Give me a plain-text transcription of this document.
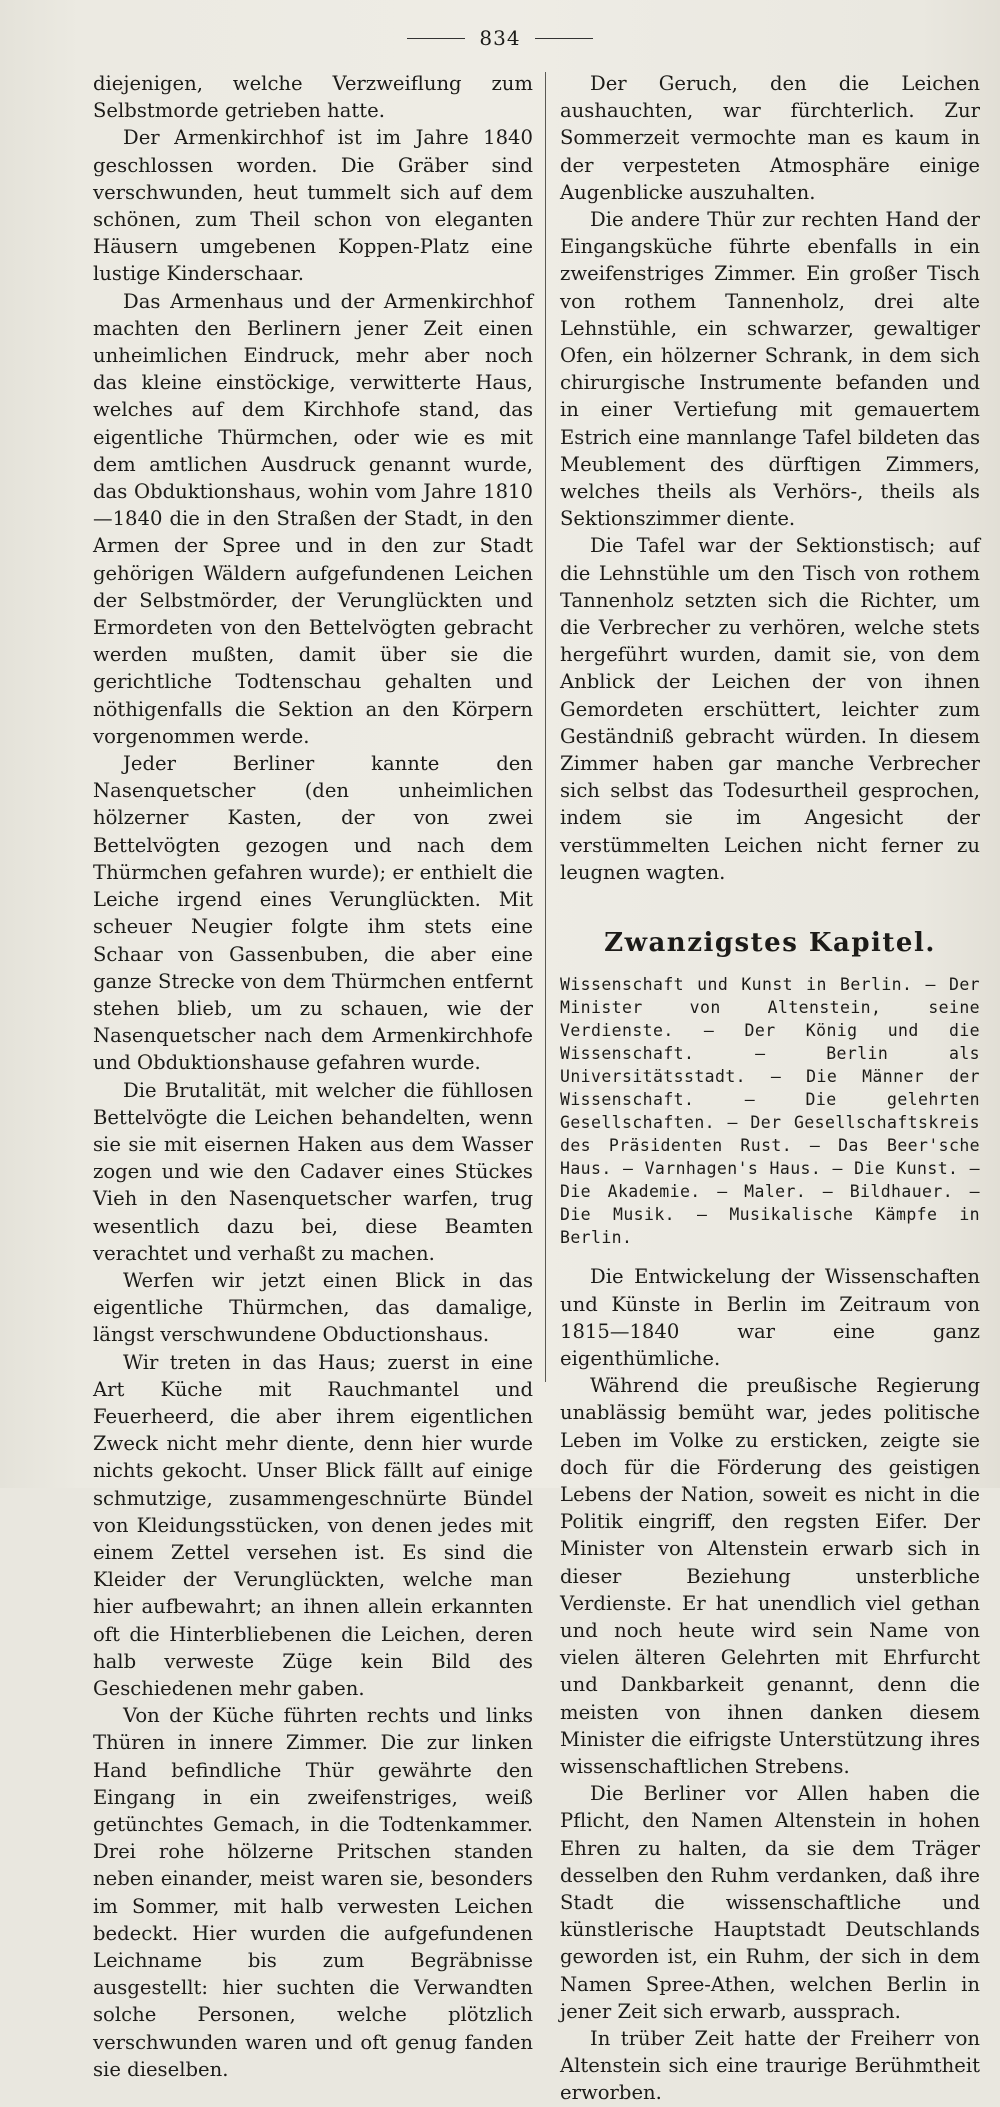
834

diejenigen, welche Verzweiflung zum Selbstmorde getrieben hatte.

Der Armenkirchhof ist im Jahre 1840 geschlossen worden. Die Gräber sind verschwunden, heut tummelt sich auf dem schönen, zum Theil schon von eleganten Häusern umgebenen Koppen-Platz eine lustige Kinderschaar.

Das Armenhaus und der Armenkirchhof machten den Berlinern jener Zeit einen unheimlichen Eindruck, mehr aber noch das kleine einstöckige, verwitterte Haus, welches auf dem Kirchhofe stand, das eigentliche Thürmchen, oder wie es mit dem amtlichen Ausdruck genannt wurde, das Obduktionshaus, wohin vom Jahre 1810—1840 die in den Straßen der Stadt, in den Armen der Spree und in den zur Stadt gehörigen Wäldern aufgefundenen Leichen der Selbstmörder, der Verunglückten und Ermordeten von den Bettelvögten gebracht werden mußten, damit über sie die gerichtliche Todtenschau gehalten und nöthigenfalls die Sektion an den Körpern vorgenommen werde.

Jeder Berliner kannte den Nasenquetscher (den unheimlichen hölzerner Kasten, der von zwei Bettelvögten gezogen und nach dem Thürmchen gefahren wurde); er enthielt die Leiche irgend eines Verunglückten. Mit scheuer Neugier folgte ihm stets eine Schaar von Gassenbuben, die aber eine ganze Strecke von dem Thürmchen entfernt stehen blieb, um zu schauen, wie der Nasenquetscher nach dem Armenkirchhofe und Obduktionshause gefahren wurde.

Die Brutalität, mit welcher die fühllosen Bettelvögte die Leichen behandelten, wenn sie sie mit eisernen Haken aus dem Wasser zogen und wie den Cadaver eines Stückes Vieh in den Nasenquetscher warfen, trug wesentlich dazu bei, diese Beamten verachtet und verhaßt zu machen.

Werfen wir jetzt einen Blick in das eigentliche Thürmchen, das damalige, längst verschwundene Obductionshaus.

Wir treten in das Haus; zuerst in eine Art Küche mit Rauchmantel und Feuerheerd, die aber ihrem eigentlichen Zweck nicht mehr diente, denn hier wurde nichts gekocht. Unser Blick fällt auf einige schmutzige, zusammengeschnürte Bündel von Kleidungsstücken, von denen jedes mit einem Zettel versehen ist. Es sind die Kleider der Verunglückten, welche man hier aufbewahrt; an ihnen allein erkannten oft die Hinterbliebenen die Leichen, deren halb verweste Züge kein Bild des Geschiedenen mehr gaben.

Von der Küche führten rechts und links Thüren in innere Zimmer. Die zur linken Hand befindliche Thür gewährte den Eingang in ein zweifenstriges, weiß getünchtes Gemach, in die Todtenkammer. Drei rohe hölzerne Pritschen standen neben einander, meist waren sie, besonders im Sommer, mit halb verwesten Leichen bedeckt. Hier wurden die aufgefundenen Leichname bis zum Begräbnisse ausgestellt: hier suchten die Verwandten solche Personen, welche plötzlich verschwunden waren und oft genug fanden sie dieselben.

Der Geruch, den die Leichen aushauchten, war fürchterlich. Zur Sommerzeit vermochte man es kaum in der verpesteten Atmosphäre einige Augenblicke auszuhalten.

Die andere Thür zur rechten Hand der Eingangsküche führte ebenfalls in ein zweifenstriges Zimmer. Ein großer Tisch von rothem Tannenholz, drei alte Lehnstühle, ein schwarzer, gewaltiger Ofen, ein hölzerner Schrank, in dem sich chirurgische Instrumente befanden und in einer Vertiefung mit gemauertem Estrich eine mannlange Tafel bildeten das Meublement des dürftigen Zimmers, welches theils als Verhörs-, theils als Sektionszimmer diente.

Die Tafel war der Sektionstisch; auf die Lehnstühle um den Tisch von rothem Tannenholz setzten sich die Richter, um die Verbrecher zu verhören, welche stets hergeführt wurden, damit sie, von dem Anblick der Leichen der von ihnen Gemordeten erschüttert, leichter zum Geständniß gebracht würden. In diesem Zimmer haben gar manche Verbrecher sich selbst das Todesurtheil gesprochen, indem sie im Angesicht der verstümmelten Leichen nicht ferner zu leugnen wagten.

Zwanzigstes Kapitel.
Wissenschaft und Kunst in Berlin. — Der Minister von Altenstein, seine Verdienste. — Der König und die Wissenschaft. — Berlin als Universitätsstadt. — Die Männer der Wissenschaft. — Die gelehrten Gesellschaften. — Der Gesellschaftskreis des Präsidenten Rust. — Das Beer'sche Haus. — Varnhagen's Haus. — Die Kunst. — Die Akademie. — Maler. — Bildhauer. — Die Musik. — Musikalische Kämpfe in Berlin.

Die Entwickelung der Wissenschaften und Künste in Berlin im Zeitraum von 1815—1840 war eine ganz eigenthümliche.

Während die preußische Regierung unablässig bemüht war, jedes politische Leben im Volke zu ersticken, zeigte sie doch für die Förderung des geistigen Lebens der Nation, soweit es nicht in die Politik eingriff, den regsten Eifer. Der Minister von Altenstein erwarb sich in dieser Beziehung unsterbliche Verdienste. Er hat unendlich viel gethan und noch heute wird sein Name von vielen älteren Gelehrten mit Ehrfurcht und Dankbarkeit genannt, denn die meisten von ihnen danken diesem Minister die eifrigste Unterstützung ihres wissenschaftlichen Strebens.

Die Berliner vor Allen haben die Pflicht, den Namen Altenstein in hohen Ehren zu halten, da sie dem Träger desselben den Ruhm verdanken, daß ihre Stadt die wissenschaftliche und künstlerische Hauptstadt Deutschlands geworden ist, ein Ruhm, der sich in dem Namen Spree-Athen, welchen Berlin in jener Zeit sich erwarb, aussprach.

In trüber Zeit hatte der Freiherr von Altenstein sich eine traurige Berühmtheit erworben.
